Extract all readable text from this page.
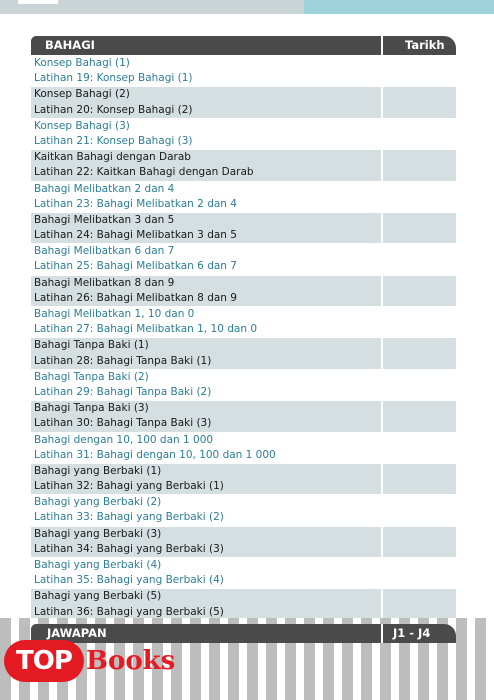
BAHAGI	Tarikh
Konsep Bahagi (1)
Latihan 19: Konsep Bahagi (1)
Konsep Bahagi (2)
Latihan 20: Konsep Bahagi (2)
Konsep Bahagi (3)
Latihan 21: Konsep Bahagi (3)
Kaitkan Bahagi dengan Darab
Latihan 22: Kaitkan Bahagi dengan Darab
Bahagi Melibatkan 2 dan 4
Latihan 23: Bahagi Melibatkan 2 dan 4
Bahagi Melibatkan 3 dan 5
Latihan 24: Bahagi Melibatkan 3 dan 5
Bahagi Melibatkan 6 dan 7
Latihan 25: Bahagi Melibatkan 6 dan 7
Bahagi Melibatkan 8 dan 9
Latihan 26: Bahagi Melibatkan 8 dan 9
Bahagi Melibatkan 1, 10 dan 0
Latihan 27: Bahagi Melibatkan 1, 10 dan 0
Bahagi Tanpa Baki (1)
Latihan 28: Bahagi Tanpa Baki (1)
Bahagi Tanpa Baki (2)
Latihan 29: Bahagi Tanpa Baki (2)
Bahagi Tanpa Baki (3)
Latihan 30: Bahagi Tanpa Baki (3)
Bahagi dengan 10, 100 dan 1 000
Latihan 31: Bahagi dengan 10, 100 dan 1 000
Bahagi yang Berbaki (1)
Latihan 32: Bahagi yang Berbaki (1)
Bahagi yang Berbaki (2)
Latihan 33: Bahagi yang Berbaki (2)
Bahagi yang Berbaki (3)
Latihan 34: Bahagi yang Berbaki (3)
Bahagi yang Berbaki (4)
Latihan 35: Bahagi yang Berbaki (4)
Bahagi yang Berbaki (5)
Latihan 36: Bahagi yang Berbaki (5)
JAWAPAN	J1 - J4
TOP Books
